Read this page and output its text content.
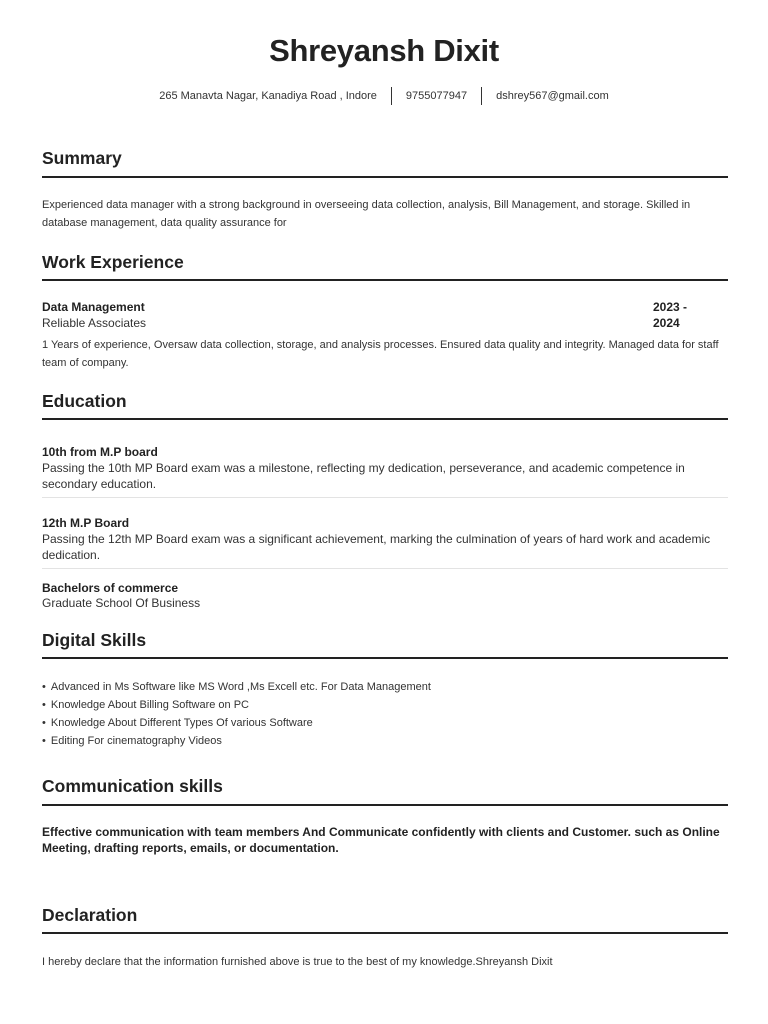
Shreyansh Dixit
265 Manavta Nagar, Kanadiya Road , Indore	9755077947	dshrey567@gmail.com
Summary
Experienced data manager with a strong background in overseeing data collection, analysis, Bill Management, and storage. Skilled in database management, data quality assurance for
Work Experience
Data Management
Reliable Associates
2023 -
2024
1 Years of experience, Oversaw data collection, storage, and analysis processes. Ensured data quality and integrity. Managed data for staff team of company.
Education
10th from M.P board
Passing the 10th MP Board exam was a milestone, reflecting my dedication, perseverance, and academic competence in secondary education.
12th M.P Board
Passing the 12th MP Board exam was a significant achievement, marking the culmination of years of hard work and academic dedication.
Bachelors of commerce
Graduate School Of Business
Digital Skills
• Advanced in Ms Software like MS Word ,Ms Excell etc. For Data Management
• Knowledge About Billing Software on PC
• Knowledge About Different Types Of various Software
• Editing For cinematography Videos
Communication skills
Effective communication with team members And Communicate confidently with clients and Customer. such as Online Meeting, drafting reports, emails, or documentation.
Declaration
I hereby declare that the information furnished above is true to the best of my knowledge.Shreyansh Dixit
